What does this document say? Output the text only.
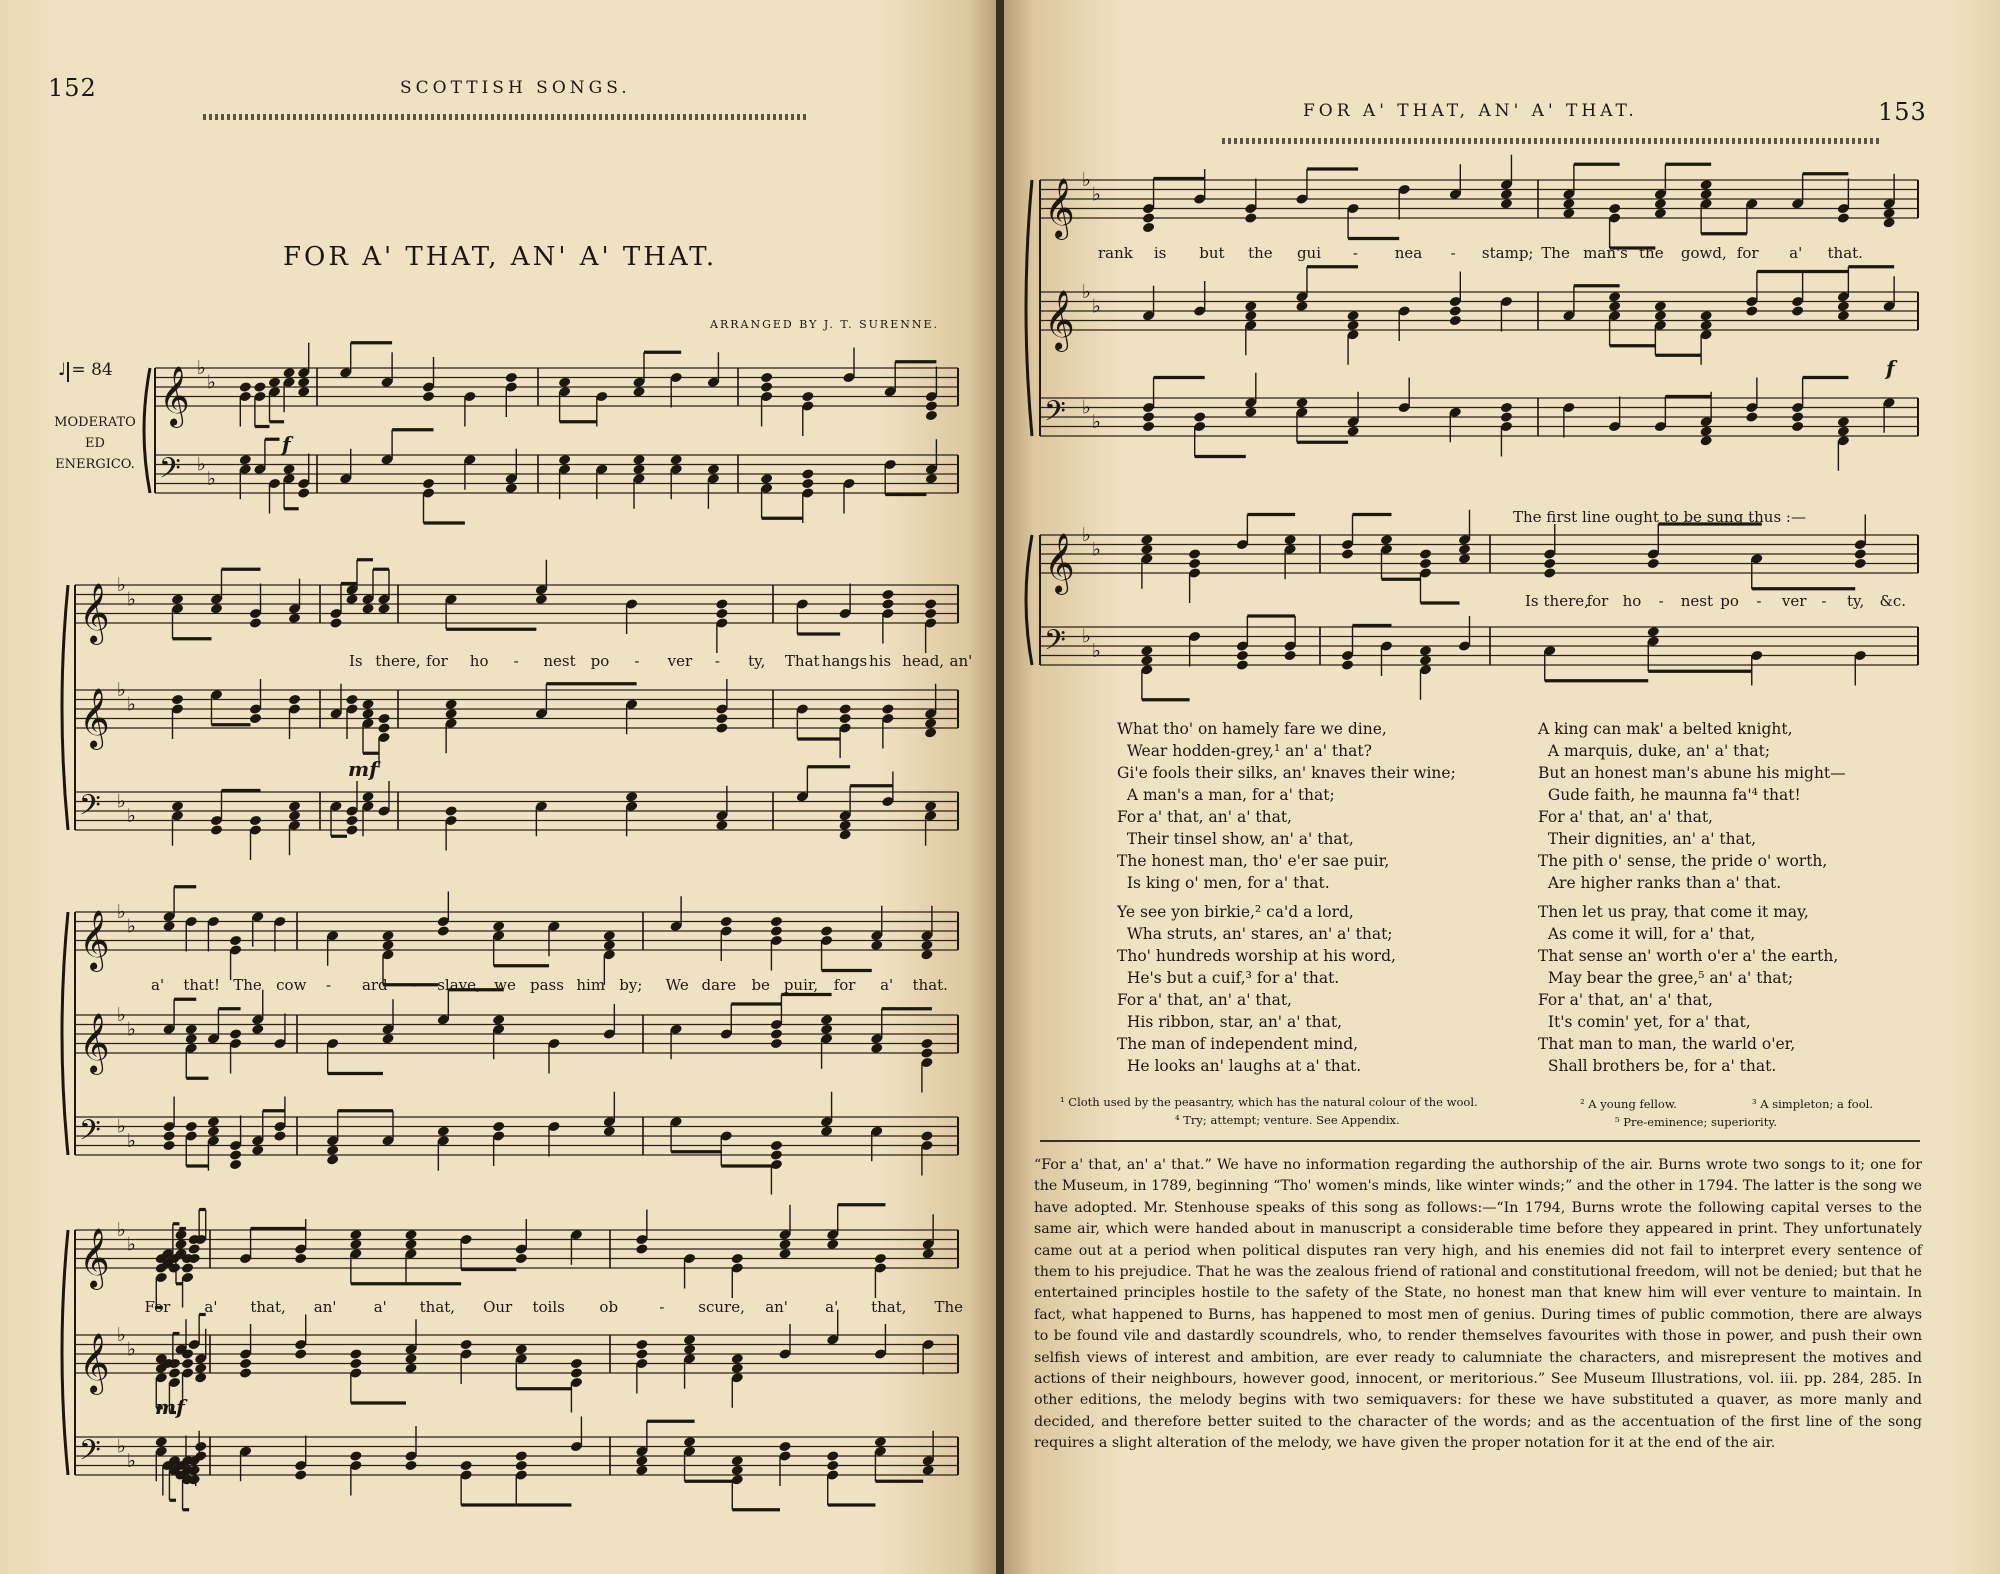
𝄞 ♭
♭
𝄢 ♭
♭
𝄞 ♭
♭
𝄞 ♭
♭
𝄢 ♭
♭
𝄞 ♭
♭
𝄞 ♭
♭
𝄢 ♭
♭
𝄞 ♭
♭
𝄞 ♭
♭
𝄢 ♭
♭
𝄞 ♭
♭
𝄞 ♭
♭
𝄢 ♭
♭
𝄞 ♭
♭
𝄢 ♭
♭
152	SCOTTISH SONGS.
FOR A' THAT, AN' A' THAT.
ARRANGED BY J. T. SURENNE.
♩ = 84
MODERATO
ED
ENERGICO.
f
mf
mf
FOR A' THAT, AN' A' THAT.	153
f
The first line ought to be sung thus :—
What tho' on hamely fare we dine,
Wear hodden-grey,¹ an' a' that?
Gi'e fools their silks, an' knaves their wine;
A man's a man, for a' that;
For a' that, an' a' that,
Their tinsel show, an' a' that,
The honest man, tho' e'er sae puir,
Is king o' men, for a' that.
Ye see yon birkie,² ca'd a lord,
Wha struts, an' stares, an' a' that;
Tho' hundreds worship at his word,
He's but a cuif,³ for a' that.
For a' that, an' a' that,
His ribbon, star, an' a' that,
The man of independent mind,
He looks an' laughs at a' that.
A king can mak' a belted knight,
A marquis, duke, an' a' that;
But an honest man's abune his might—
Gude faith, he maunna fa'⁴ that!
For a' that, an' a' that,
Their dignities, an' a' that,
The pith o' sense, the pride o' worth,
Are higher ranks than a' that.
Then let us pray, that come it may,
As come it will, for a' that,
That sense an' worth o'er a' the earth,
May bear the gree,⁵ an' a' that;
For a' that, an' a' that,
It's comin' yet, for a' that,
That man to man, the warld o'er,
Shall brothers be, for a' that.
¹ Cloth used by the peasantry, which has the natural colour of the wool.
⁴ Try; attempt; venture. See Appendix.
² A young fellow.	³ A simpleton; a fool.
⁵ Pre-eminence; superiority.
“For a' that, an' a' that.” We have no information regarding the authorship of the air. Burns wrote two songs to it; one for the Museum, in 1789, beginning “Tho' women's minds, like winter winds;” and the other in 1794. The latter is the song we have adopted. Mr. Stenhouse speaks of this song as follows:—“In 1794, Burns wrote the following capital verses to the same air, which were handed about in manuscript a considerable time before they appeared in print. They unfortunately came out at a period when political disputes ran very high, and his enemies did not fail to interpret every sentence of them to his prejudice. That he was the zealous friend of rational and constitutional freedom, will not be denied; but that he entertained principles hostile to the safety of the State, no honest man that knew him will ever venture to maintain. In fact, what happened to Burns, has happened to most men of genius. During times of public commotion, there are always to be found vile and dastardly scoundrels, who, to render themselves favourites with those in power, and push their own selfish views of interest and ambition, are ever ready to calumniate the characters, and misrepresent the motives and actions of their neighbours, however good, innocent, or meritorious.” See Museum Illustrations, vol. iii. pp. 284, 285. In other editions, the melody begins with two semiquavers: for these we have substituted a quaver, as more manly and decided, and therefore better suited to the character of the words; and as the accentuation of the first line of the song requires a slight alteration of the melody, we have given the proper notation for it at the end of the air.
Is there, for ho - nest po - ver - ty, That hangs his head, an'
a' that! The cow - ard - slave, we pass him by; We dare be puir, for a' that.
For a' that, an' a' that, Our toils ob	- scure, an' a' that, The
rank is but the gui - nea - stamp; The man's the gowd, for a' that.
Is there,
for ho - nest po - ver - ty, &c.
